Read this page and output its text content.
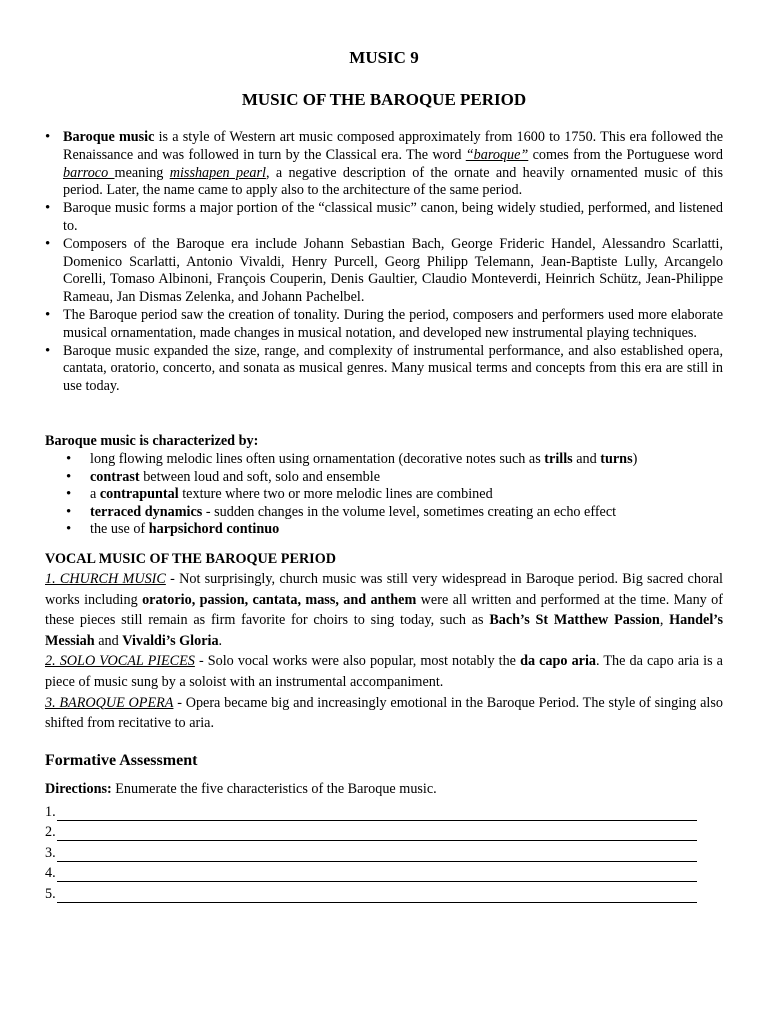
MUSIC 9
MUSIC OF THE BAROQUE PERIOD
• Baroque music is a style of Western art music composed approximately from 1600 to 1750. This era followed the Renaissance and was followed in turn by the Classical era. The word “baroque” comes from the Portuguese word barroco meaning misshapen pearl, a negative description of the ornate and heavily ornamented music of this period. Later, the name came to apply also to the architecture of the same period.
• Baroque music forms a major portion of the “classical music” canon, being widely studied, performed, and listened to.
• Composers of the Baroque era include Johann Sebastian Bach, George Frideric Handel, Alessandro Scarlatti, Domenico Scarlatti, Antonio Vivaldi, Henry Purcell, Georg Philipp Telemann, Jean-Baptiste Lully, Arcangelo Corelli, Tomaso Albinoni, François Couperin, Denis Gaultier, Claudio Monteverdi, Heinrich Schütz, Jean-Philippe Rameau, Jan Dismas Zelenka, and Johann Pachelbel.
• The Baroque period saw the creation of tonality. During the period, composers and performers used more elaborate musical ornamentation, made changes in musical notation, and developed new instrumental playing techniques.
• Baroque music expanded the size, range, and complexity of instrumental performance, and also established opera, cantata, oratorio, concerto, and sonata as musical genres. Many musical terms and concepts from this era are still in use today.
Baroque music is characterized by:
• long flowing melodic lines often using ornamentation (decorative notes such as trills and turns)
• contrast between loud and soft, solo and ensemble
• a contrapuntal texture where two or more melodic lines are combined
• terraced dynamics - sudden changes in the volume level, sometimes creating an echo effect
• the use of harpsichord continuo
VOCAL MUSIC OF THE BAROQUE PERIOD

1. CHURCH MUSIC - Not surprisingly, church music was still very widespread in Baroque period. Big sacred choral works including oratorio, passion, cantata, mass, and anthem were all written and performed at the time. Many of these pieces still remain as firm favorite for choirs to sing today, such as Bach’s St Matthew Passion, Handel’s Messiah and Vivaldi’s Gloria.

2. SOLO VOCAL PIECES - Solo vocal works were also popular, most notably the da capo aria. The da capo aria is a piece of music sung by a soloist with an instrumental accompaniment.

3. BAROQUE OPERA - Opera became big and increasingly emotional in the Baroque Period. The style of singing also shifted from recitative to aria.

Formative Assessment
Directions: Enumerate the five characteristics of the Baroque music.
1.
2.
3.
4.
5.
